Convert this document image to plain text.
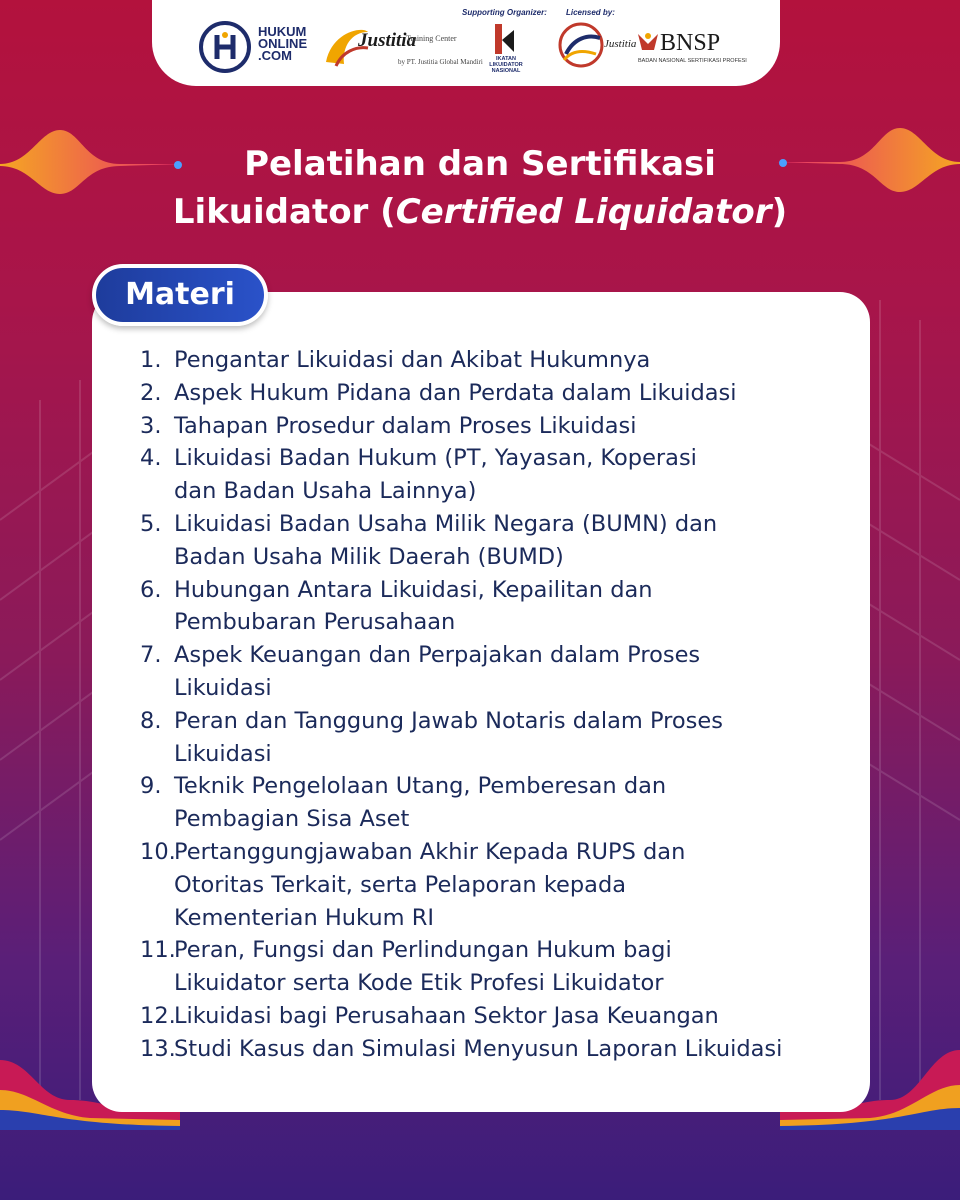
HUKUM
ONLINE
.COM
Justitia
Training Center
by PT. Justitia Global Mandiri
Supporting Organizer:
IKATAN
LIKUIDATOR
NASIONAL
Licensed by:
Justitia BNSP
BADAN NASIONAL SERTIFIKASI PROFESI
Pelatihan dan Sertifikasi
Likuidator (Certified Liquidator)
Materi
1. Pengantar Likuidasi dan Akibat Hukumnya
2. Aspek Hukum Pidana dan Perdata dalam Likuidasi
3. Tahapan Prosedur dalam Proses Likuidasi
4. Likuidasi Badan Hukum (PT, Yayasan, Koperasi
dan Badan Usaha Lainnya)
5. Likuidasi Badan Usaha Milik Negara (BUMN) dan
Badan Usaha Milik Daerah (BUMD)
6. Hubungan Antara Likuidasi, Kepailitan dan
Pembubaran Perusahaan
7. Aspek Keuangan dan Perpajakan dalam Proses
Likuidasi
8. Peran dan Tanggung Jawab Notaris dalam Proses
Likuidasi
9. Teknik Pengelolaan Utang, Pemberesan dan
Pembagian Sisa Aset
10.
Pertanggungjawaban Akhir Kepada RUPS dan
Otoritas Terkait, serta Pelaporan kepada
Kementerian Hukum RI
11.
Peran, Fungsi dan Perlindungan Hukum bagi
Likuidator serta Kode Etik Profesi Likuidator
12.
Likuidasi bagi Perusahaan Sektor Jasa Keuangan
13.
Studi Kasus dan Simulasi Menyusun Laporan Likuidasi
